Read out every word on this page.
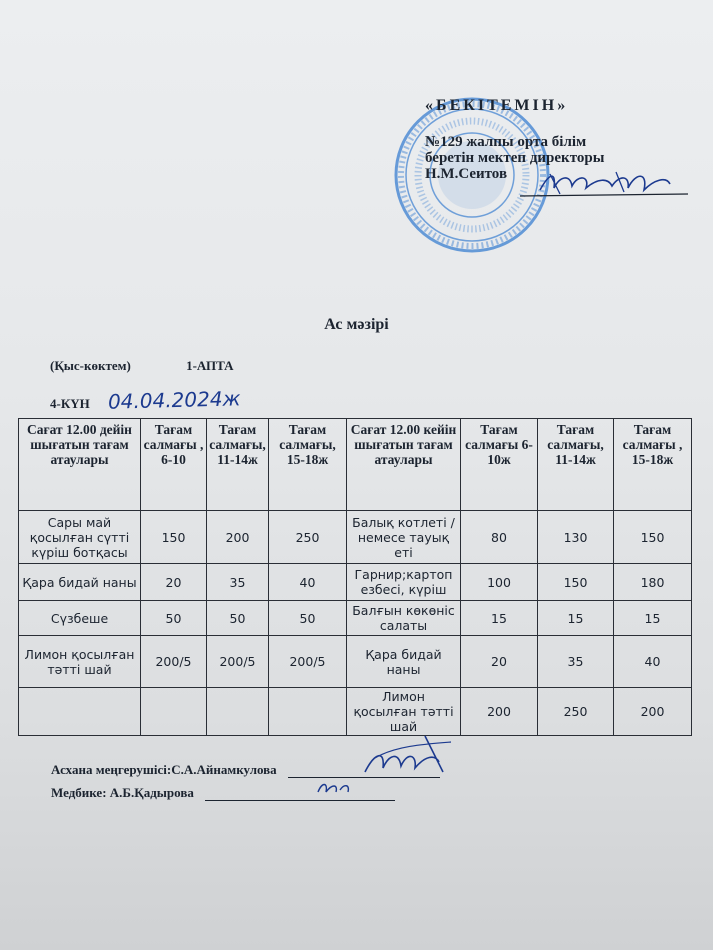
«БЕКІТЕМІН»
№129 жалпы орта білім
беретін мектеп директоры
Н.М.Сеитов
Ас мәзірі
(Қыс-көктем)	1-АПТА
4-КҮН 04.04.2024ж
Сағат 12.00 дейін шығатын тағам атаулары	Тағам салмағы , 6-10	Тағам салмағы, 11-14ж	Тағам салмағы, 15-18ж	Сағат 12.00 кейін шығатын тағам атаулары	Тағам салмағы 6-10ж	Тағам салмағы, 11-14ж	Тағам салмағы , 15-18ж
Сары май қосылған сүтті күріш ботқасы	150	200	250	Балық котлеті /немесе тауық еті	80	130	150
Қара бидай наны	20	35	40	Гарнир;картоп езбесі, күріш	100	150	180
Сүзбеше	50	50	50	Балғын көкөніс салаты	15	15	15
Лимон қосылған тәтті шай	200/5	200/5	200/5	Қара бидай наны	20	35	40
				Лимон қосылған тәтті шай	200	250	200
Асхана меңгерушісі:С.А.Айнамкулова
Медбике: А.Б.Қадырова
